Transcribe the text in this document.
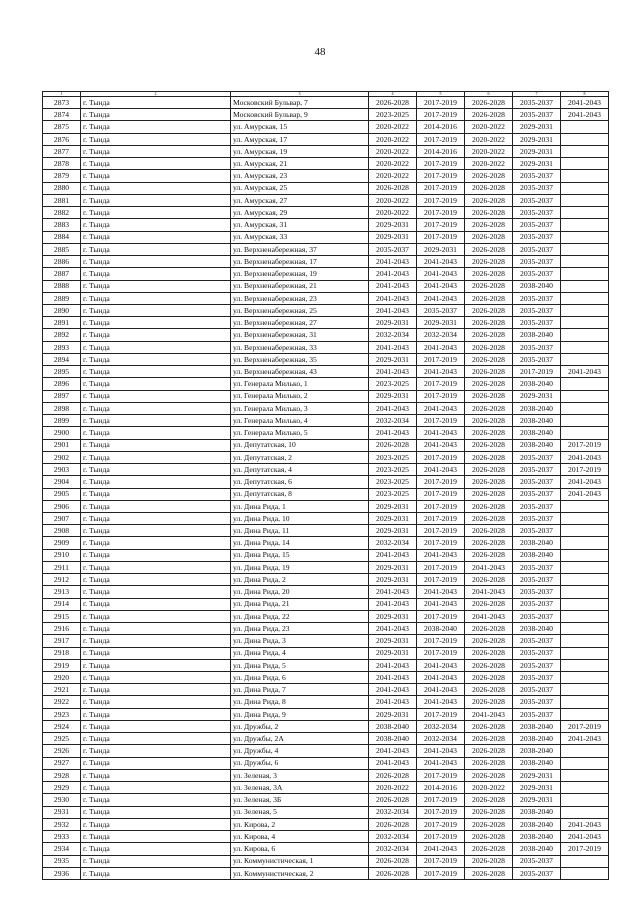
48
1	2	3	4	5	6	7	8
2873	г. Тында	Московский Бульвар, 7	2026-2028	2017-2019	2026-2028	2035-2037	2041-2043
2874	г. Тында	Московский Бульвар, 9	2023-2025	2017-2019	2026-2028	2035-2037	2041-2043
2875	г. Тында	ул. Амурская, 15	2020-2022	2014-2016	2020-2022	2029-2031	
2876	г. Тында	ул. Амурская, 17	2020-2022	2017-2019	2020-2022	2029-2031	
2877	г. Тында	ул. Амурская, 19	2020-2022	2014-2016	2020-2022	2029-2031	
2878	г. Тында	ул. Амурская, 21	2020-2022	2017-2019	2020-2022	2029-2031	
2879	г. Тында	ул. Амурская, 23	2020-2022	2017-2019	2026-2028	2035-2037	
2880	г. Тында	ул. Амурская, 25	2026-2028	2017-2019	2026-2028	2035-2037	
2881	г. Тында	ул. Амурская, 27	2020-2022	2017-2019	2026-2028	2035-2037	
2882	г. Тында	ул. Амурская, 29	2020-2022	2017-2019	2026-2028	2035-2037	
2883	г. Тында	ул. Амурская, 31	2029-2031	2017-2019	2026-2028	2035-2037	
2884	г. Тында	ул. Амурская, 33	2029-2031	2017-2019	2026-2028	2035-2037	
2885	г. Тында	ул. Верхненабережная, 37	2035-2037	2029-2031	2026-2028	2035-2037	
2886	г. Тында	ул. Верхненабережная, 17	2041-2043	2041-2043	2026-2028	2035-2037	
2887	г. Тында	ул. Верхненабережная, 19	2041-2043	2041-2043	2026-2028	2035-2037	
2888	г. Тында	ул. Верхненабережная, 21	2041-2043	2041-2043	2026-2028	2038-2040	
2889	г. Тында	ул. Верхненабережная, 23	2041-2043	2041-2043	2026-2028	2035-2037	
2890	г. Тында	ул. Верхненабережная, 25	2041-2043	2035-2037	2026-2028	2035-2037	
2891	г. Тында	ул. Верхненабережная, 27	2029-2031	2029-2031	2026-2028	2035-2037	
2892	г. Тында	ул. Верхненабережная, 31	2032-2034	2032-2034	2026-2028	2038-2040	
2893	г. Тында	ул. Верхненабережная, 33	2041-2043	2041-2043	2026-2028	2035-2037	
2894	г. Тында	ул. Верхненабережная, 35	2029-2031	2017-2019	2026-2028	2035-2037	
2895	г. Тында	ул. Верхненабережная, 43	2041-2043	2041-2043	2026-2028	2017-2019	2041-2043
2896	г. Тында	ул. Генерала Милько, 1	2023-2025	2017-2019	2026-2028	2038-2040	
2897	г. Тында	ул. Генерала Милько, 2	2029-2031	2017-2019	2026-2028	2029-2031	
2898	г. Тында	ул. Генерала Милько, 3	2041-2043	2041-2043	2026-2028	2038-2040	
2899	г. Тында	ул. Генерала Милько, 4	2032-2034	2017-2019	2026-2028	2038-2040	
2900	г. Тында	ул. Генерала Милько, 5	2041-2043	2041-2043	2026-2028	2038-2040	
2901	г. Тында	ул. Депутатская, 10	2026-2028	2041-2043	2026-2028	2038-2040	2017-2019
2902	г. Тында	ул. Депутатская, 2	2023-2025	2017-2019	2026-2028	2035-2037	2041-2043
2903	г. Тында	ул. Депутатская, 4	2023-2025	2041-2043	2026-2028	2035-2037	2017-2019
2904	г. Тында	ул. Депутатская, 6	2023-2025	2017-2019	2026-2028	2035-2037	2041-2043
2905	г. Тында	ул. Депутатская, 8	2023-2025	2017-2019	2026-2028	2035-2037	2041-2043
2906	г. Тында	ул. Дина Рида, 1	2029-2031	2017-2019	2026-2028	2035-2037	
2907	г. Тында	ул. Дина Рида, 10	2029-2031	2017-2019	2026-2028	2035-2037	
2908	г. Тында	ул. Дина Рида, 11	2029-2031	2017-2019	2026-2028	2035-2037	
2909	г. Тында	ул. Дина Рида, 14	2032-2034	2017-2019	2026-2028	2038-2040	
2910	г. Тында	ул. Дина Рида, 15	2041-2043	2041-2043	2026-2028	2038-2040	
2911	г. Тында	ул. Дина Рида, 19	2029-2031	2017-2019	2041-2043	2035-2037	
2912	г. Тында	ул. Дина Рида, 2	2029-2031	2017-2019	2026-2028	2035-2037	
2913	г. Тында	ул. Дина Рида, 20	2041-2043	2041-2043	2041-2043	2035-2037	
2914	г. Тында	ул. Дина Рида, 21	2041-2043	2041-2043	2026-2028	2035-2037	
2915	г. Тында	ул. Дина Рида, 22	2029-2031	2017-2019	2041-2043	2035-2037	
2916	г. Тында	ул. Дина Рида, 23	2041-2043	2038-2040	2026-2028	2038-2040	
2917	г. Тында	ул. Дина Рида, 3	2029-2031	2017-2019	2026-2028	2035-2037	
2918	г. Тында	ул. Дина Рида, 4	2029-2031	2017-2019	2026-2028	2035-2037	
2919	г. Тында	ул. Дина Рида, 5	2041-2043	2041-2043	2026-2028	2035-2037	
2920	г. Тында	ул. Дина Рида, 6	2041-2043	2041-2043	2026-2028	2035-2037	
2921	г. Тында	ул. Дина Рида, 7	2041-2043	2041-2043	2026-2028	2035-2037	
2922	г. Тында	ул. Дина Рида, 8	2041-2043	2041-2043	2026-2028	2035-2037	
2923	г. Тында	ул. Дина Рида, 9	2029-2031	2017-2019	2041-2043	2035-2037	
2924	г. Тында	ул. Дружбы, 2	2038-2040	2032-2034	2026-2028	2038-2040	2017-2019
2925	г. Тында	ул. Дружбы, 2А	2038-2040	2032-2034	2026-2028	2038-2040	2041-2043
2926	г. Тында	ул. Дружбы, 4	2041-2043	2041-2043	2026-2028	2038-2040	
2927	г. Тында	ул. Дружбы, 6	2041-2043	2041-2043	2026-2028	2038-2040	
2928	г. Тында	ул. Зеленая, 3	2026-2028	2017-2019	2026-2028	2029-2031	
2929	г. Тында	ул. Зеленая, 3А	2020-2022	2014-2016	2020-2022	2029-2031	
2930	г. Тында	ул. Зеленая, 3Б	2026-2028	2017-2019	2026-2028	2029-2031	
2931	г. Тында	ул. Зеленая, 5	2032-2034	2017-2019	2026-2028	2038-2040	
2932	г. Тында	ул. Кирова, 2	2026-2028	2017-2019	2026-2028	2038-2040	2041-2043
2933	г. Тында	ул. Кирова, 4	2032-2034	2017-2019	2026-2028	2038-2040	2041-2043
2934	г. Тында	ул. Кирова, 6	2032-2034	2041-2043	2026-2028	2038-2040	2017-2019
2935	г. Тында	ул. Коммунистическая, 1	2026-2028	2017-2019	2026-2028	2035-2037	
2936	г. Тында	ул. Коммунистическая, 2	2026-2028	2017-2019	2026-2028	2035-2037	
